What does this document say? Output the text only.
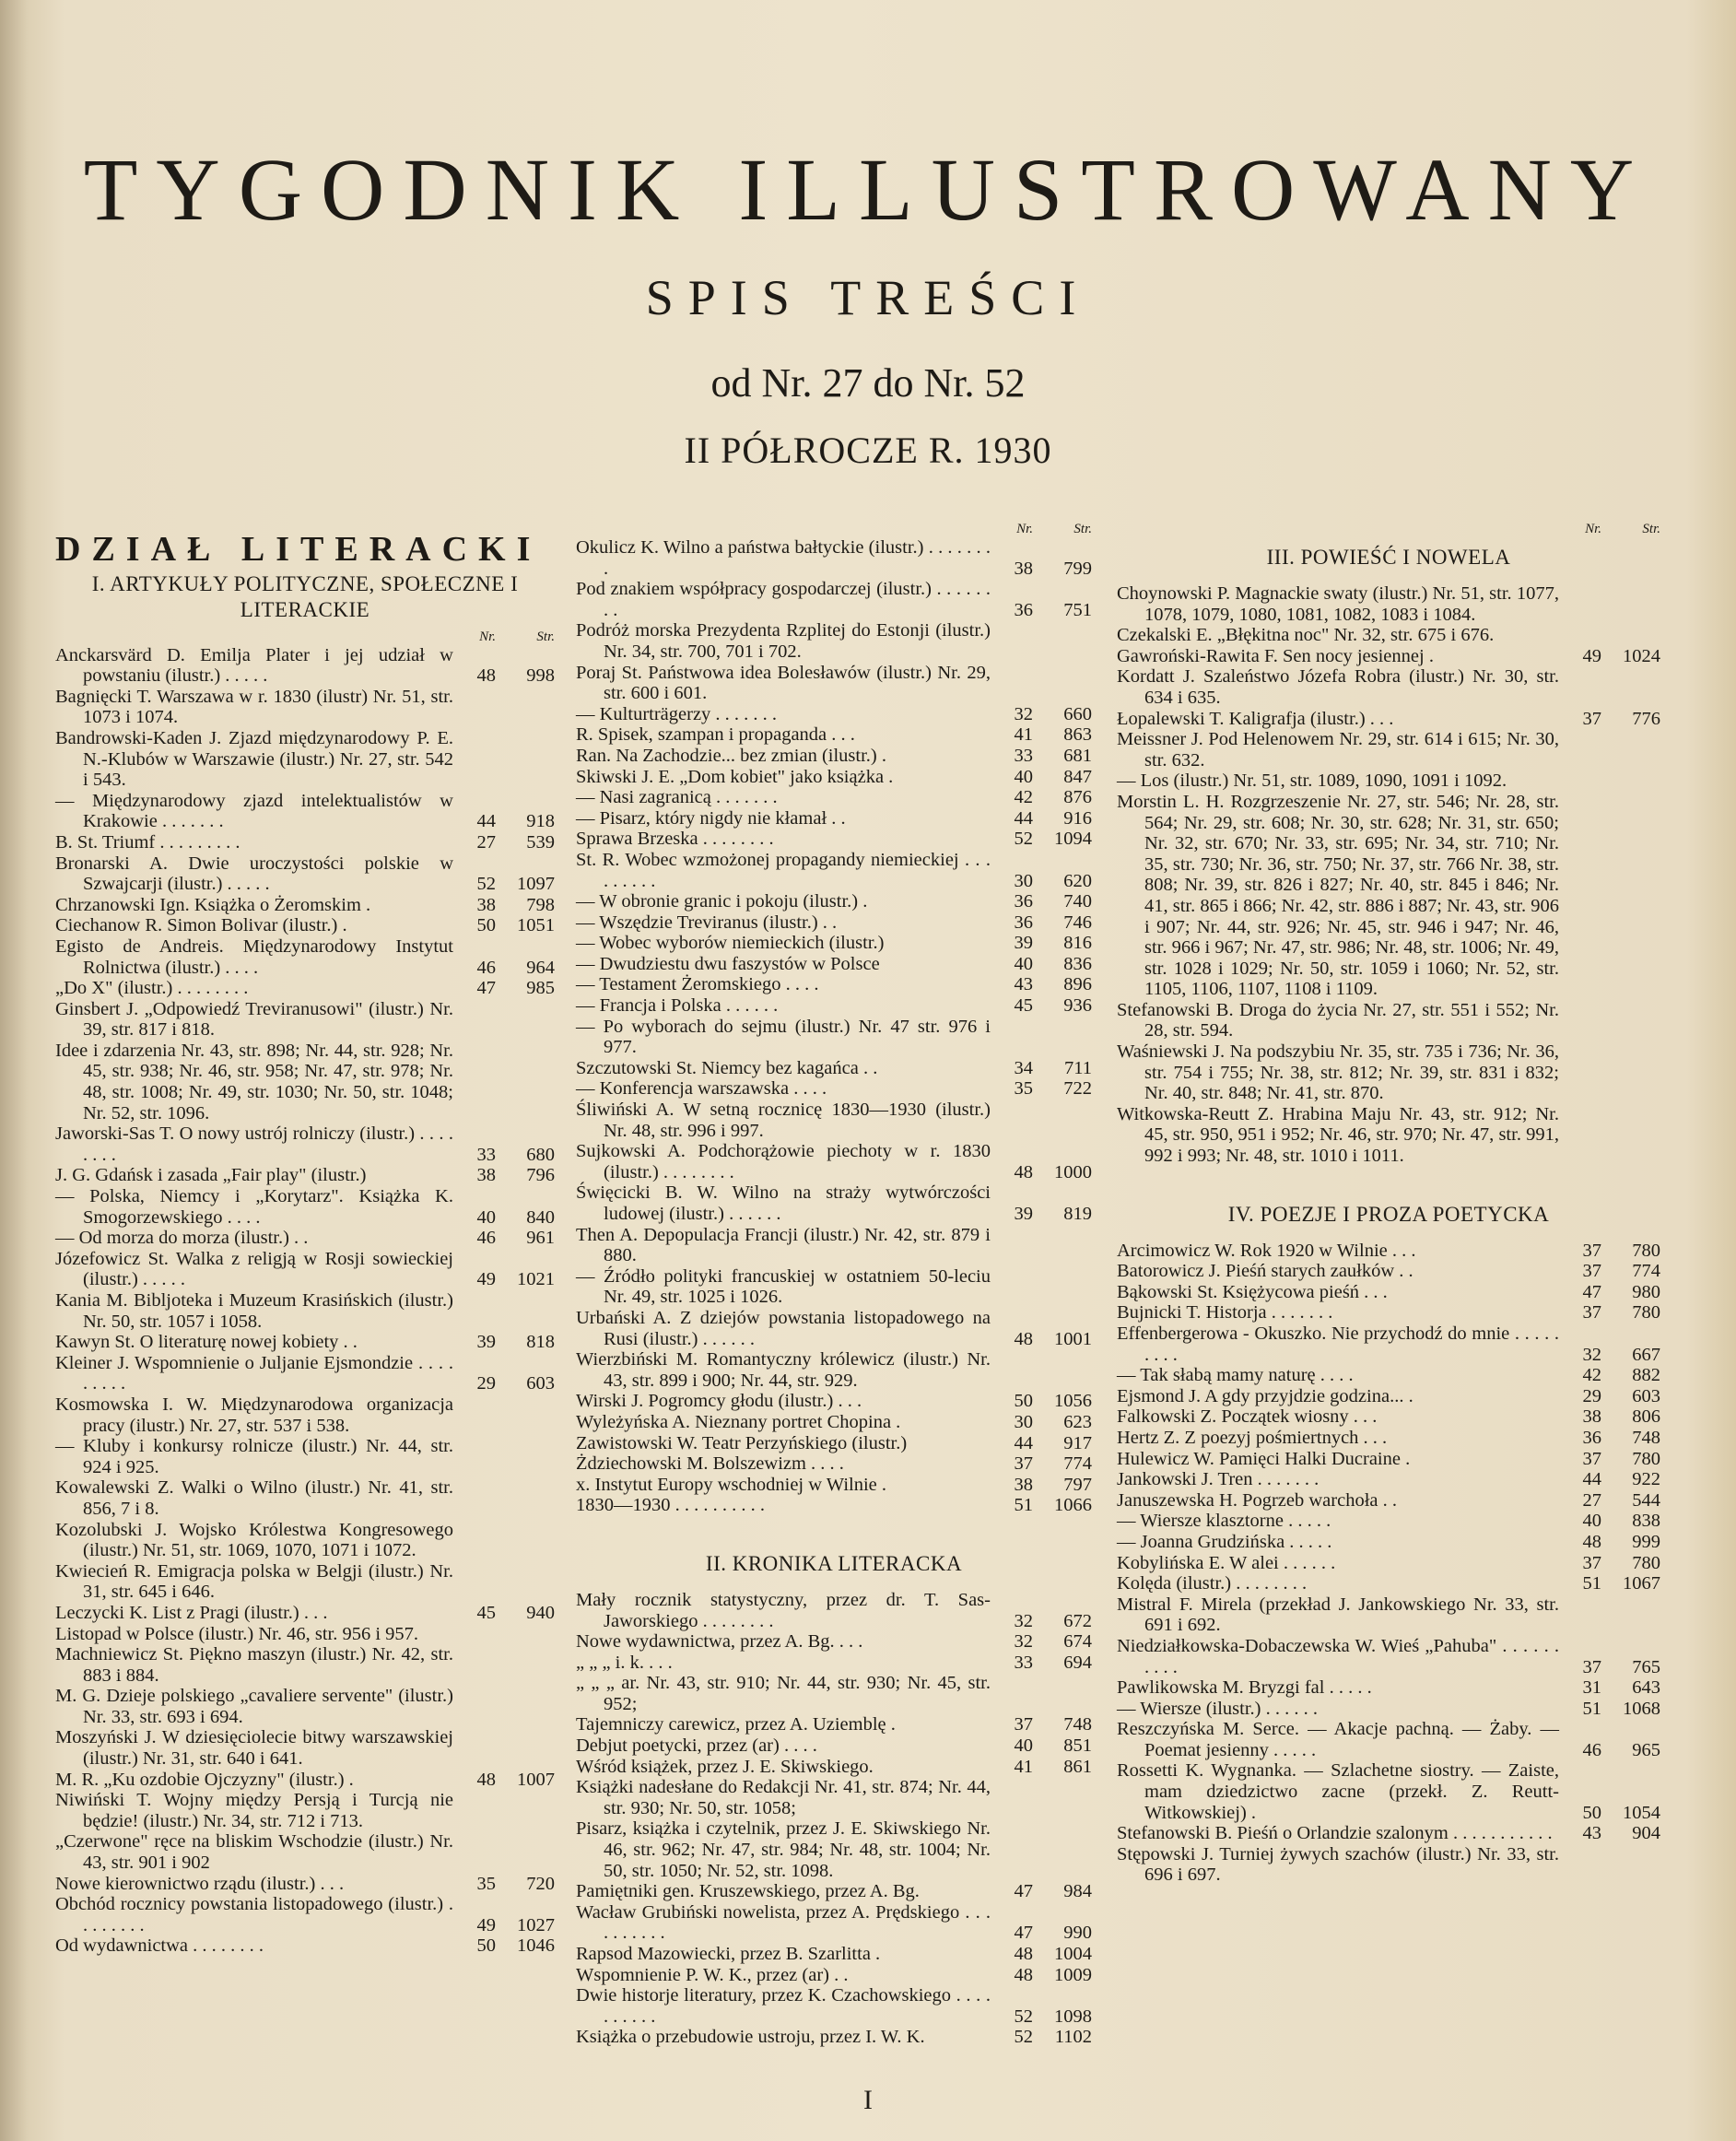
TYGODNIK ILLUSTROWANY
SPIS TREŚCI
od Nr. 27 do Nr. 52
II PÓŁROCZE R. 1930
DZIAŁ LITERACKI
I. ARTYKUŁY POLITYCZNE, SPOŁECZNE I LITERACKIE
Nr.	Str.
Anckarsvärd D. Emilja Plater i jej udział w powstaniu (ilustr.) . . . . .	48	998
Bagnięcki T. Warszawa w r. 1830 (ilustr) Nr. 51, str. 1073 i 1074.
Bandrowski-Kaden J. Zjazd międzynarodowy P. E. N.-Klubów w Warszawie (ilustr.) Nr. 27, str. 542 i 543.
— Międzynarodowy zjazd intelektualistów w Krakowie . . . . . . .	44	918
B. St. Triumf . . . . . . . . .	27	539
Bronarski A. Dwie uroczystości polskie w Szwajcarji (ilustr.) . . . . .	52	1097
Chrzanowski Ign. Książka o Żeromskim .	38	798
Ciechanow R. Simon Bolivar (ilustr.) .	50	1051
Egisto de Andreis. Międzynarodowy Instytut Rolnictwa (ilustr.) . . . .	46	964
„Do X" (ilustr.) . . . . . . . .	47	985
Ginsbert J. „Odpowiedź Treviranusowi" (ilustr.) Nr. 39, str. 817 i 818.
Idee i zdarzenia Nr. 43, str. 898; Nr. 44, str. 928; Nr. 45, str. 938; Nr. 46, str. 958; Nr. 47, str. 978; Nr. 48, str. 1008; Nr. 49, str. 1030; Nr. 50, str. 1048; Nr. 52, str. 1096.
Jaworski-Sas T. O nowy ustrój rolniczy (ilustr.) . . . . . . . .	33	680
J. G. Gdańsk i zasada „Fair play" (ilustr.)	38	796
— Polska, Niemcy i „Korytarz". Książka K. Smogorzewskiego . . . .	40	840
— Od morza do morza (ilustr.) . .	46	961
Józefowicz St. Walka z religją w Rosji sowieckiej (ilustr.) . . . . .	49	1021
Kania M. Bibljoteka i Muzeum Krasińskich (ilustr.) Nr. 50, str. 1057 i 1058.
Kawyn St. O literaturę nowej kobiety . .	39	818
Kleiner J. Wspomnienie o Juljanie Ejsmondzie . . . . . . . . .	29	603
Kosmowska I. W. Międzynarodowa organizacja pracy (ilustr.) Nr. 27, str. 537 i 538.
— Kluby i konkursy rolnicze (ilustr.) Nr. 44, str. 924 i 925.
Kowalewski Z. Walki o Wilno (ilustr.) Nr. 41, str. 856, 7 i 8.
Kozolubski J. Wojsko Królestwa Kongresowego (ilustr.) Nr. 51, str. 1069, 1070, 1071 i 1072.
Kwiecień R. Emigracja polska w Belgji (ilustr.) Nr. 31, str. 645 i 646.
Leczycki K. List z Pragi (ilustr.) . . .	45	940
Listopad w Polsce (ilustr.) Nr. 46, str. 956 i 957.
Machniewicz St. Piękno maszyn (ilustr.) Nr. 42, str. 883 i 884.
M. G. Dzieje polskiego „cavaliere servente" (ilustr.) Nr. 33, str. 693 i 694.
Moszyński J. W dziesięciolecie bitwy warszawskiej (ilustr.) Nr. 31, str. 640 i 641.
M. R. „Ku ozdobie Ojczyzny" (ilustr.) .	48	1007
Niwiński T. Wojny między Persją i Turcją nie będzie! (ilustr.) Nr. 34, str. 712 i 713.
„Czerwone" ręce na bliskim Wschodzie (ilustr.) Nr. 43, str. 901 i 902
Nowe kierownictwo rządu (ilustr.) . . .	35	720
Obchód rocznicy powstania listopadowego (ilustr.) . . . . . . . .	49	1027
Od wydawnictwa . . . . . . . .	50	1046
Nr.	Str.
Okulicz K. Wilno a państwa bałtyckie (ilustr.) . . . . . . . .	38	799
Pod znakiem współpracy gospodarczej (ilustr.) . . . . . . . .	36	751
Podróż morska Prezydenta Rzplitej do Estonji (ilustr.) Nr. 34, str. 700, 701 i 702.
Poraj St. Państwowa idea Bolesławów (ilustr.) Nr. 29, str. 600 i 601.
— Kulturträgerzy . . . . . . .	32	660
R. Spisek, szampan i propaganda . . .	41	863
Ran. Na Zachodzie... bez zmian (ilustr.) .	33	681
Skiwski J. E. „Dom kobiet" jako książka .	40	847
— Nasi zagranicą . . . . . . .	42	876
— Pisarz, który nigdy nie kłamał . .	44	916
Sprawa Brzeska . . . . . . . .	52	1094
St. R. Wobec wzmożonej propagandy niemieckiej . . . . . . . . .	30	620
— W obronie granic i pokoju (ilustr.) .	36	740
— Wszędzie Treviranus (ilustr.) . .	36	746
— Wobec wyborów niemieckich (ilustr.)	39	816
— Dwudziestu dwu faszystów w Polsce	40	836
— Testament Żeromskiego . . . .	43	896
— Francja i Polska . . . . . .	45	936
— Po wyborach do sejmu (ilustr.) Nr. 47 str. 976 i 977.
Szczutowski St. Niemcy bez kagańca . .	34	711
— Konferencja warszawska . . . .	35	722
Śliwiński A. W setną rocznicę 1830—1930 (ilustr.) Nr. 48, str. 996 i 997.
Sujkowski A. Podchorążowie piechoty w r. 1830 (ilustr.) . . . . . . . .	48	1000
Święcicki B. W. Wilno na straży wytwórczości ludowej (ilustr.) . . . . . .	39	819
Then A. Depopulacja Francji (ilustr.) Nr. 42, str. 879 i 880.
— Źródło polityki francuskiej w ostatniem 50-leciu Nr. 49, str. 1025 i 1026.
Urbański A. Z dziejów powstania listopadowego na Rusi (ilustr.) . . . . . .	48	1001
Wierzbiński M. Romantyczny królewicz (ilustr.) Nr. 43, str. 899 i 900; Nr. 44, str. 929.
Wirski J. Pogromcy głodu (ilustr.) . . .	50	1056
Wyleżyńska A. Nieznany portret Chopina .	30	623
Zawistowski W. Teatr Perzyńskiego (ilustr.)	44	917
Żdziechowski M. Bolszewizm . . . .	37	774
x. Instytut Europy wschodniej w Wilnie .	38	797
1830—1930 . . . . . . . . . .	51	1066
II. KRONIKA LITERACKA
Mały rocznik statystyczny, przez dr. T. Sas-Jaworskiego . . . . . . . .	32	672
Nowe wydawnictwa, przez A. Bg. . . .	32	674
„ „ „ i. k. . . .	33	694
„ „ „ ar. Nr. 43, str. 910; Nr. 44, str. 930; Nr. 45, str. 952;
Tajemniczy carewicz, przez A. Uziemblę .	37	748
Debjut poetycki, przez (ar) . . . .	40	851
Wśród książek, przez J. E. Skiwskiego.	41	861
Książki nadesłane do Redakcji Nr. 41, str. 874; Nr. 44, str. 930; Nr. 50, str. 1058;
Pisarz, książka i czytelnik, przez J. E. Skiwskiego Nr. 46, str. 962; Nr. 47, str. 984; Nr. 48, str. 1004; Nr. 50, str. 1050; Nr. 52, str. 1098.
Pamiętniki gen. Kruszewskiego, przez A. Bg.	47	984
Wacław Grubiński nowelista, przez A. Prędskiego . . . . . . . . . .	47	990
Rapsod Mazowiecki, przez B. Szarlitta .	48	1004
Wspomnienie P. W. K., przez (ar) . .	48	1009
Dwie historje literatury, przez K. Czachowskiego . . . . . . . . . .	52	1098
Książka o przebudowie ustroju, przez I. W. K.	52	1102
Nr.	Str.
III. POWIEŚĆ I NOWELA
Choynowski P. Magnackie swaty (ilustr.) Nr. 51, str. 1077, 1078, 1079, 1080, 1081, 1082, 1083 i 1084.
Czekalski E. „Błękitna noc" Nr. 32, str. 675 i 676.
Gawroński-Rawita F. Sen nocy jesiennej .	49	1024
Kordatt J. Szaleństwo Józefa Robra (ilustr.) Nr. 30, str. 634 i 635.
Łopalewski T. Kaligrafja (ilustr.) . . .	37	776
Meissner J. Pod Helenowem Nr. 29, str. 614 i 615; Nr. 30, str. 632.
— Los (ilustr.) Nr. 51, str. 1089, 1090, 1091 i 1092.
Morstin L. H. Rozgrzeszenie Nr. 27, str. 546; Nr. 28, str. 564; Nr. 29, str. 608; Nr. 30, str. 628; Nr. 31, str. 650; Nr. 32, str. 670; Nr. 33, str. 695; Nr. 34, str. 710; Nr. 35, str. 730; Nr. 36, str. 750; Nr. 37, str. 766 Nr. 38, str. 808; Nr. 39, str. 826 i 827; Nr. 40, str. 845 i 846; Nr. 41, str. 865 i 866; Nr. 42, str. 886 i 887; Nr. 43, str. 906 i 907; Nr. 44, str. 926; Nr. 45, str. 946 i 947; Nr. 46, str. 966 i 967; Nr. 47, str. 986; Nr. 48, str. 1006; Nr. 49, str. 1028 i 1029; Nr. 50, str. 1059 i 1060; Nr. 52, str. 1105, 1106, 1107, 1108 i 1109.
Stefanowski B. Droga do życia Nr. 27, str. 551 i 552; Nr. 28, str. 594.
Waśniewski J. Na podszybiu Nr. 35, str. 735 i 736; Nr. 36, str. 754 i 755; Nr. 38, str. 812; Nr. 39, str. 831 i 832; Nr. 40, str. 848; Nr. 41, str. 870.
Witkowska-Reutt Z. Hrabina Maju Nr. 43, str. 912; Nr. 45, str. 950, 951 i 952; Nr. 46, str. 970; Nr. 47, str. 991, 992 i 993; Nr. 48, str. 1010 i 1011.
IV. POEZJE I PROZA POETYCKA
Arcimowicz W. Rok 1920 w Wilnie . . .	37	780
Batorowicz J. Pieśń starych zaułków . .	37	774
Bąkowski St. Księżycowa pieśń . . .	47	980
Bujnicki T. Historja . . . . . . .	37	780
Effenbergerowa - Okuszko. Nie przychodź do mnie . . . . . . . . .	32	667
— Tak słabą mamy naturę . . . .	42	882
Ejsmond J. A gdy przyjdzie godzina... .	29	603
Falkowski Z. Początek wiosny . . .	38	806
Hertz Z. Z poezyj pośmiertnych . . .	36	748
Hulewicz W. Pamięci Halki Ducraine .	37	780
Jankowski J. Tren . . . . . . .	44	922
Januszewska H. Pogrzeb warchoła . .	27	544
— Wiersze klasztorne . . . . .	40	838
— Joanna Grudzińska . . . . .	48	999
Kobylińska E. W alei . . . . . .	37	780
Kolęda (ilustr.) . . . . . . . .	51	1067
Mistral F. Mirela (przekład J. Jankowskiego Nr. 33, str. 691 i 692.
Niedziałkowska-Dobaczewska W. Wieś „Pahuba" . . . . . . . . . .	37	765
Pawlikowska M. Bryzgi fal . . . . .	31	643
— Wiersze (ilustr.) . . . . . .	51	1068
Reszczyńska M. Serce. — Akacje pachną. — Żaby. — Poemat jesienny . . . . .	46	965
Rossetti K. Wygnanka. — Szlachetne siostry. — Zaiste, mam dziedzictwo zacne (przekł. Z. Reutt-Witkowskiej) .	50	1054
Stefanowski B. Pieśń o Orlandzie szalonym . . . . . . . . . . .	43	904
Stępowski J. Turniej żywych szachów (ilustr.) Nr. 33, str. 696 i 697.
I
